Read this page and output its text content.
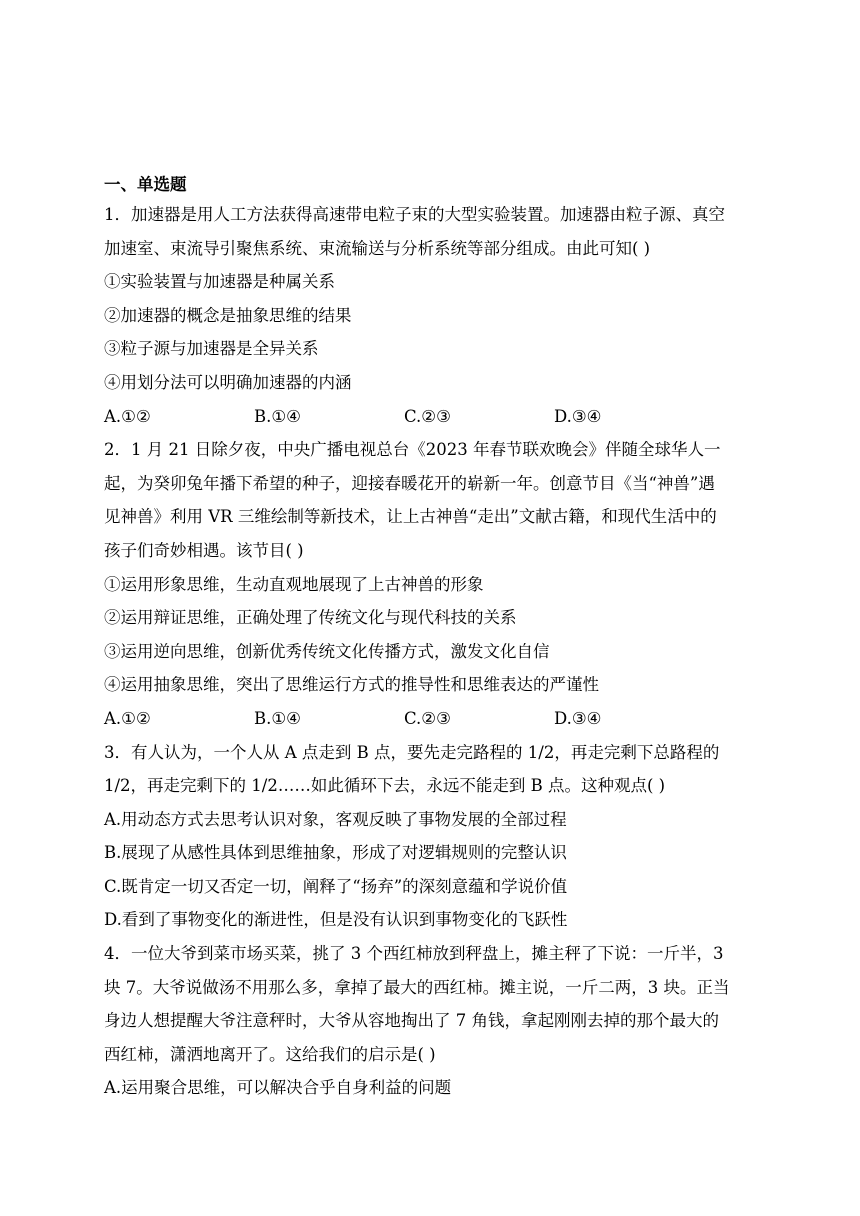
一、单选题
1．加速器是用人工方法获得高速带电粒子束的大型实验装置。加速器由粒子源、真空
加速室、束流导引聚焦系统、束流输送与分析系统等部分组成。由此可知( )
①实验装置与加速器是种属关系
②加速器的概念是抽象思维的结果
③粒子源与加速器是全异关系
④用划分法可以明确加速器的内涵
A.①②	B.①④	C.②③	D.③④
2．1 月 21 日除夕夜，中央广播电视总台《2023 年春节联欢晚会》伴随全球华人一
起，为癸卯兔年播下希望的种子，迎接春暖花开的崭新一年。创意节目《当“神兽”遇
见神兽》利用 VR 三维绘制等新技术，让上古神兽“走出”文献古籍，和现代生活中的
孩子们奇妙相遇。该节目( )
①运用形象思维，生动直观地展现了上古神兽的形象
②运用辩证思维，正确处理了传统文化与现代科技的关系
③运用逆向思维，创新优秀传统文化传播方式，激发文化自信
④运用抽象思维，突出了思维运行方式的推导性和思维表达的严谨性
A.①②	B.①④	C.②③	D.③④
3．有人认为，一个人从 A 点走到 B 点，要先走完路程的 1/2，再走完剩下总路程的
1/2，再走完剩下的 1/2……如此循环下去，永远不能走到 B 点。这种观点( )
A.用动态方式去思考认识对象，客观反映了事物发展的全部过程
B.展现了从感性具体到思维抽象，形成了对逻辑规则的完整认识
C.既肯定一切又否定一切，阐释了“扬弃”的深刻意蕴和学说价值
D.看到了事物变化的渐进性，但是没有认识到事物变化的飞跃性
4．一位大爷到菜市场买菜，挑了 3 个西红柿放到秤盘上，摊主秤了下说：一斤半，3
块 7。大爷说做汤不用那么多，拿掉了最大的西红柿。摊主说，一斤二两，3 块。正当
身边人想提醒大爷注意秤时，大爷从容地掏出了 7 角钱，拿起刚刚去掉的那个最大的
西红柿，潇洒地离开了。这给我们的启示是( )
A.运用聚合思维，可以解决合乎自身利益的问题
